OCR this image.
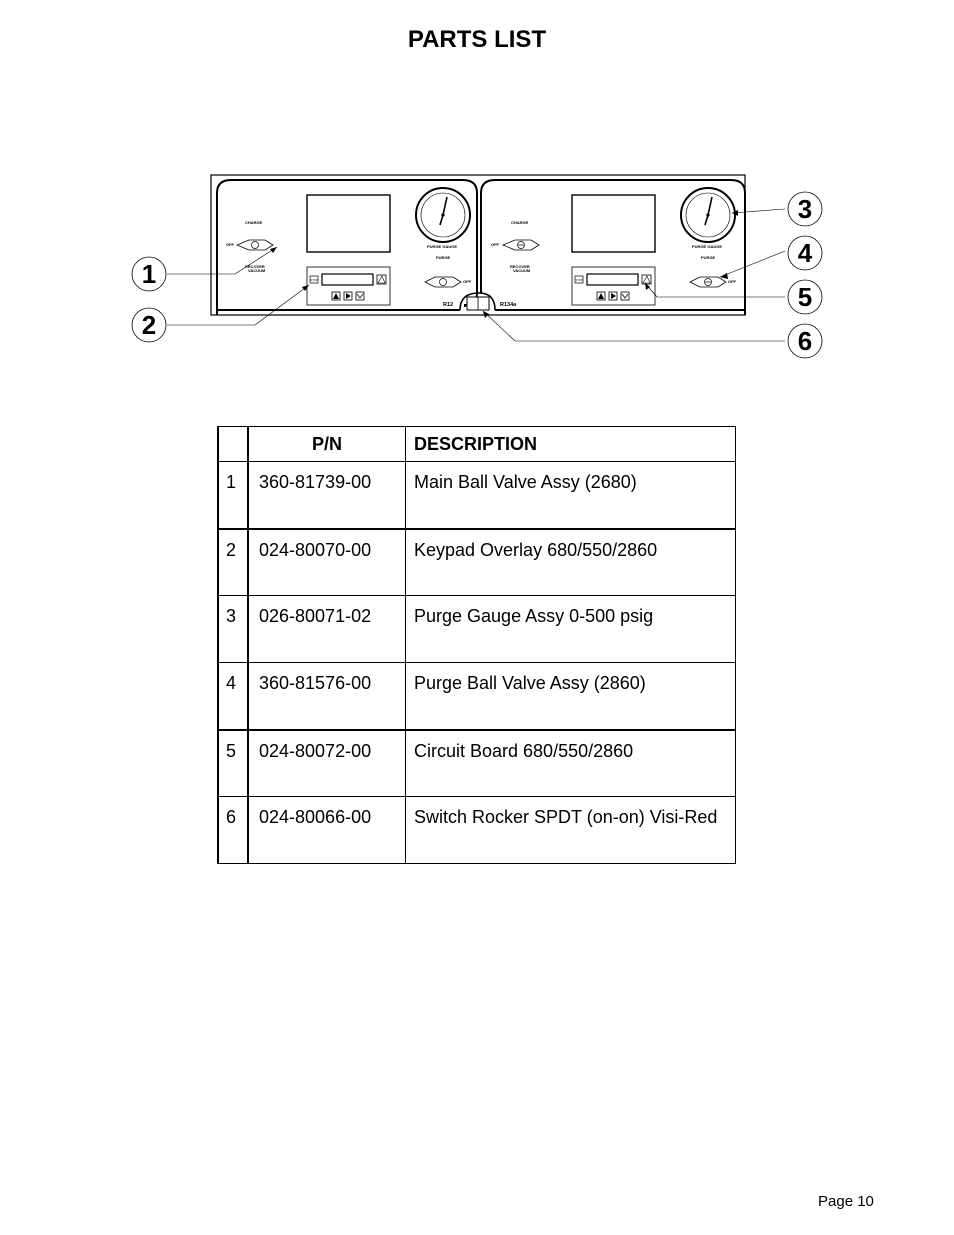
PARTS LIST
CHARGE
OFF
RECOVER
VACUUM
PURGE GAUGE
PURGE
OFF
STOP
R12
CHARGE
OFF
RECOVER
VACUUM
PURGE GAUGE
PURGE
OFF
STOP
R134a
1
2
3
4
5
6
	P/N	DESCRIPTION
1	360-81739-00	Main Ball Valve Assy (2680)
2	024-80070-00	Keypad Overlay 680/550/2860
3	026-80071-02	Purge Gauge Assy 0-500 psig
4	360-81576-00	Purge Ball Valve Assy (2860)
5	024-80072-00	Circuit Board 680/550/2860
6	024-80066-00	Switch Rocker SPDT (on-on) Visi-Red
Page 10
